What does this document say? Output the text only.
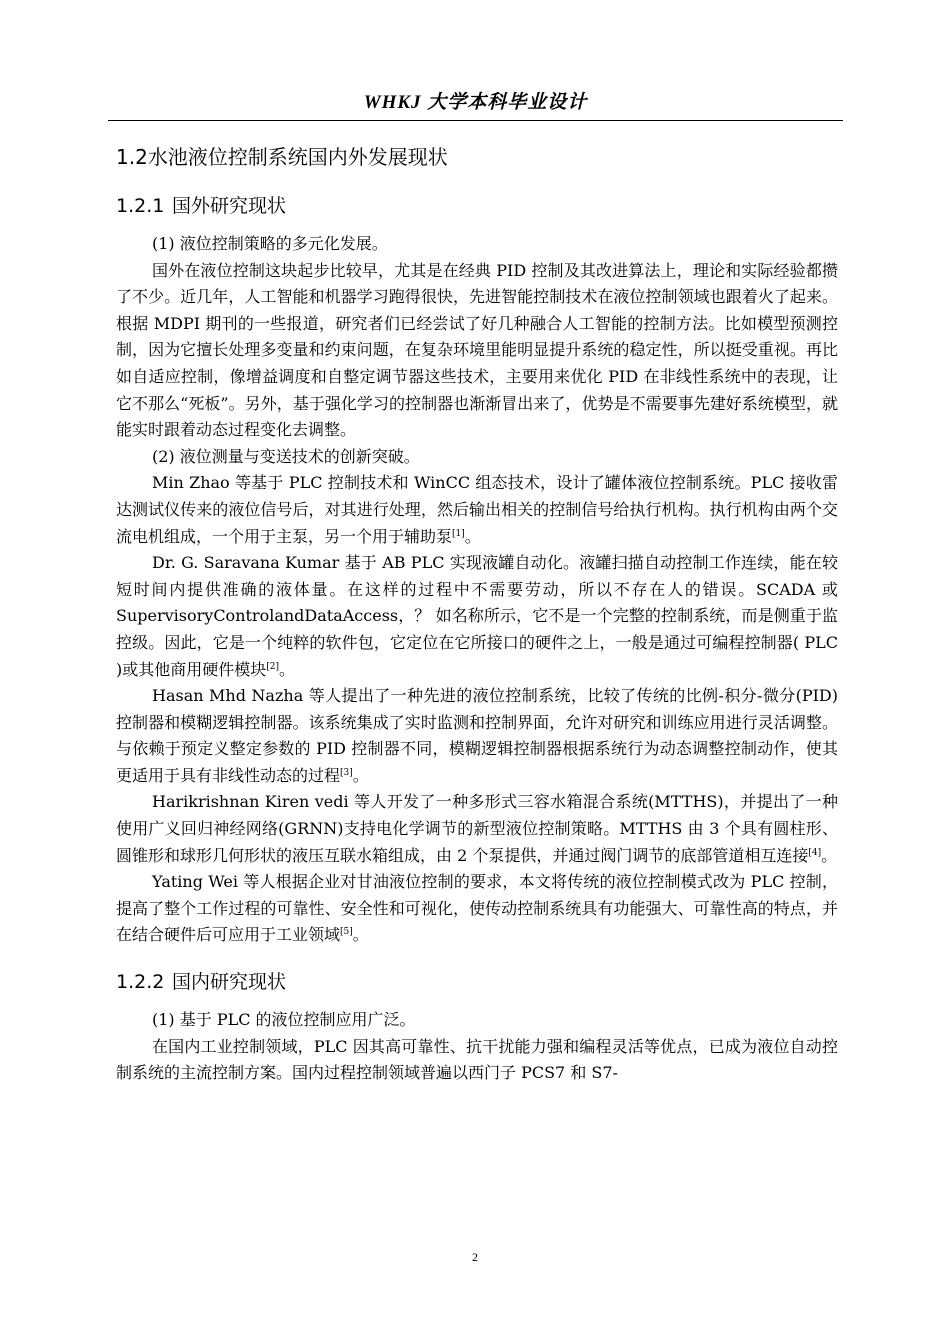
WHKJ 大学本科毕业设计
1.2水池液位控制系统国内外发展现状
1.2.1 国外研究现状

(1) 液位控制策略的多元化发展。

国外在液位控制这块起步比较早，尤其是在经典 PID 控制及其改进算法上，理论和实际经验都攒了不少。近几年，人工智能和机器学习跑得很快，先进智能控制技术在液位控制领域也跟着火了起来。根据 MDPI 期刊的一些报道，研究者们已经尝试了好几种融合人工智能的控制方法。比如模型预测控制，因为它擅长处理多变量和约束问题，在复杂环境里能明显提升系统的稳定性，所以挺受重视。再比如自适应控制，像增益调度和自整定调节器这些技术，主要用来优化 PID 在非线性系统中的表现，让它不那么“死板”。另外，基于强化学习的控制器也渐渐冒出来了，优势是不需要事先建好系统模型，就能实时跟着动态过程变化去调整。

(2) 液位测量与变送技术的创新突破。

Min Zhao 等基于 PLC 控制技术和 WinCC 组态技术，设计了罐体液位控制系统。PLC 接收雷达测试仪传来的液位信号后，对其进行处理，然后输出相关的控制信号给执行机构。执行机构由两个交流电机组成，一个用于主泵，另一个用于辅助泵[1]。

Dr. G. Saravana Kumar 基于 AB PLC 实现液罐自动化。液罐扫描自动控制工作连续，能在较短时间内提供准确的液体量。在这样的过程中不需要劳动，所以不存在人的错误。SCADA 或 SupervisoryControlandDataAccess，？ 如名称所示，它不是一个完整的控制系统，而是侧重于监控级。因此，它是一个纯粹的软件包，它定位在它所接口的硬件之上，一般是通过可编程控制器( PLC )或其他商用硬件模块[2]。

Hasan Mhd Nazha 等人提出了一种先进的液位控制系统，比较了传统的比例-积分-微分(PID)控制器和模糊逻辑控制器。该系统集成了实时监测和控制界面，允许对研究和训练应用进行灵活调整。与依赖于预定义整定参数的 PID 控制器不同，模糊逻辑控制器根据系统行为动态调整控制动作，使其更适用于具有非线性动态的过程[3]。

Harikrishnan Kiren vedi 等人开发了一种多形式三容水箱混合系统(MTTHS)，并提出了一种使用广义回归神经网络(GRNN)支持电化学调节的新型液位控制策略。MTTHS 由 3 个具有圆柱形、圆锥形和球形几何形状的液压互联水箱组成，由 2 个泵提供，并通过阀门调节的底部管道相互连接[4]。

Yating Wei 等人根据企业对甘油液位控制的要求，本文将传统的液位控制模式改为 PLC 控制，提高了整个工作过程的可靠性、安全性和可视化，使传动控制系统具有功能强大、可靠性高的特点，并在结合硬件后可应用于工业领域[5]。

1.2.2 国内研究现状

(1) 基于 PLC 的液位控制应用广泛。

在国内工业控制领域，PLC 因其高可靠性、抗干扰能力强和编程灵活等优点，已成为液位自动控制系统的主流控制方案。国内过程控制领域普遍以西门子 PCS7 和 S7-

2
